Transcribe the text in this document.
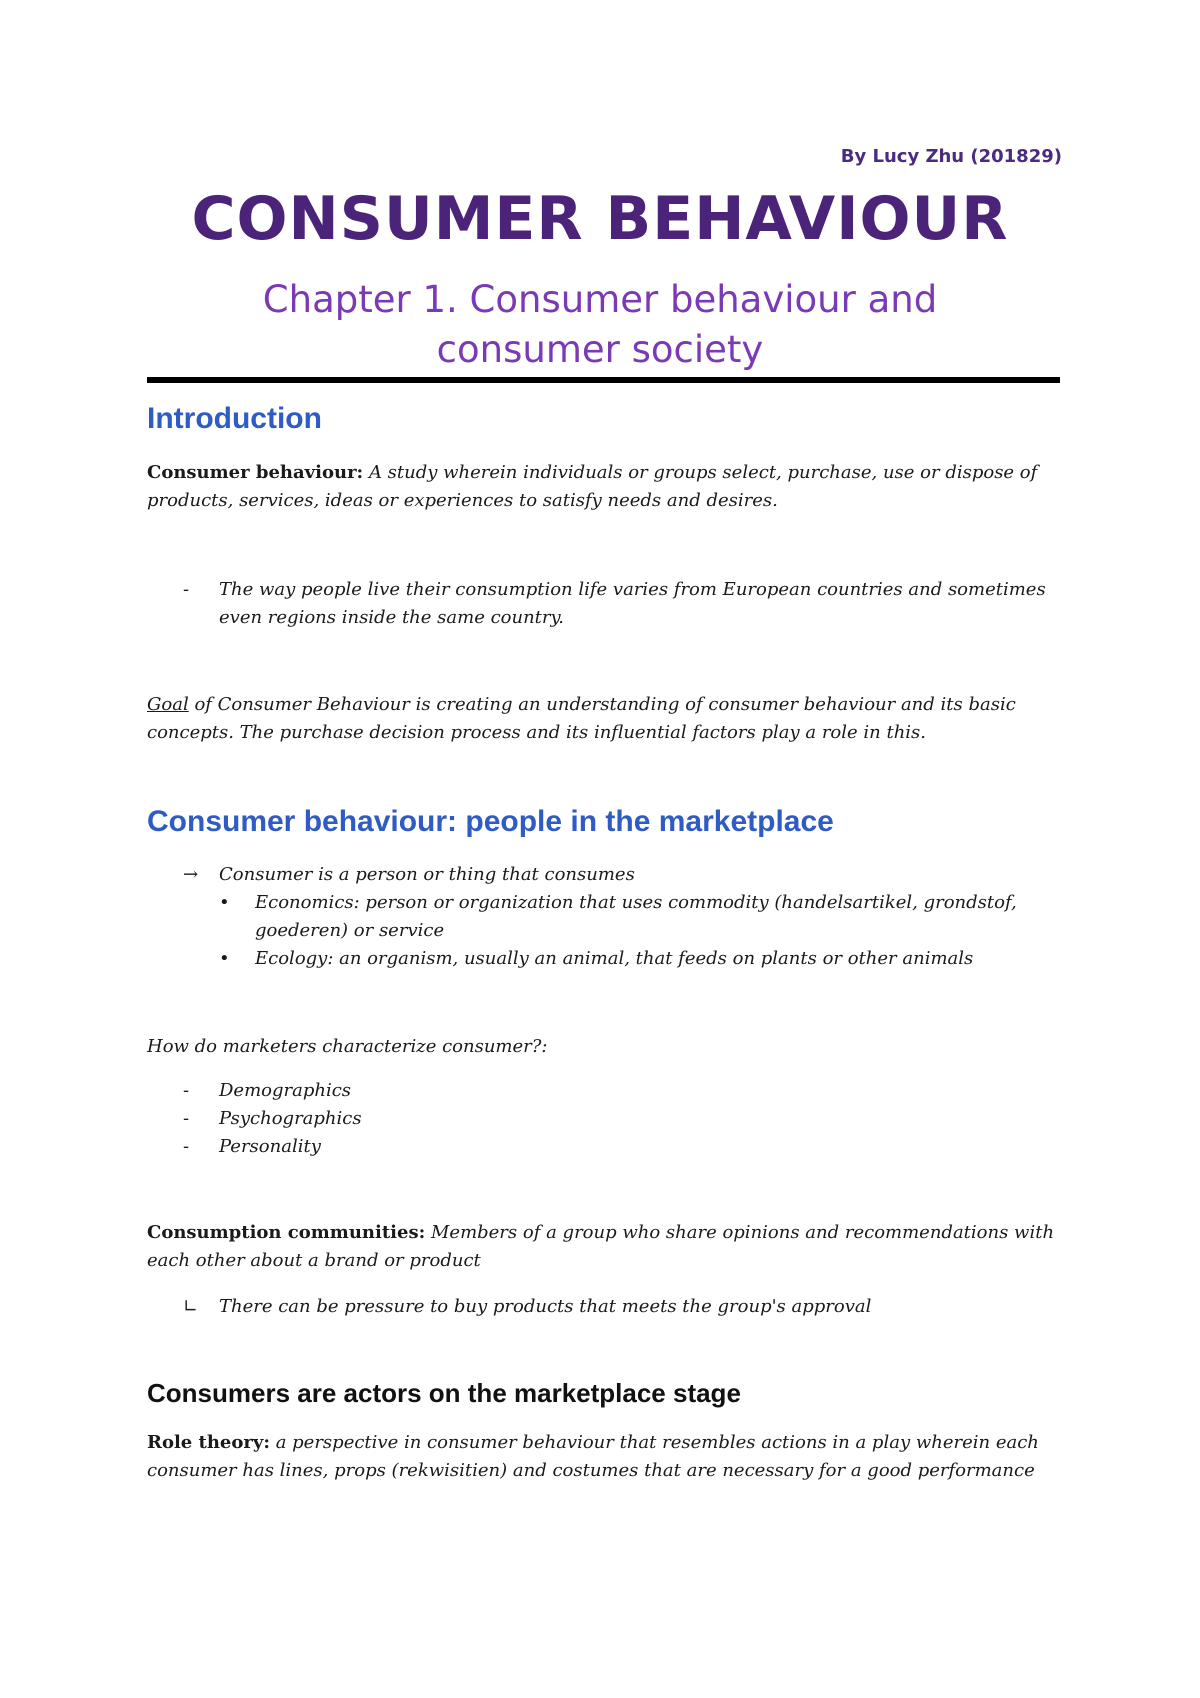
By Lucy Zhu (201829)
CONSUMER BEHAVIOUR
Chapter 1. Consumer behaviour and
consumer society
Introduction
Consumer behaviour: A study wherein individuals or groups select, purchase, use or dispose of
products, services, ideas or experiences to satisfy needs and desires.
- The way people live their consumption life varies from European countries and sometimes
even regions inside the same country.
Goal of Consumer Behaviour is creating an understanding of consumer behaviour and its basic
concepts. The purchase decision process and its influential factors play a role in this.
Consumer behaviour: people in the marketplace
→ Consumer is a person or thing that consumes
• Economics: person or organization that uses commodity (handelsartikel, grondstof,
goederen) or service
• Ecology: an organism, usually an animal, that feeds on plants or other animals
How do marketers characterize consumer?:
- Demographics
- Psychographics
- Personality
Consumption communities: Members of a group who share opinions and recommendations with
each other about a brand or product
∟ There can be pressure to buy products that meets the group's approval
Consumers are actors on the marketplace stage
Role theory: a perspective in consumer behaviour that resembles actions in a play wherein each
consumer has lines, props (rekwisitien) and costumes that are necessary for a good performance
